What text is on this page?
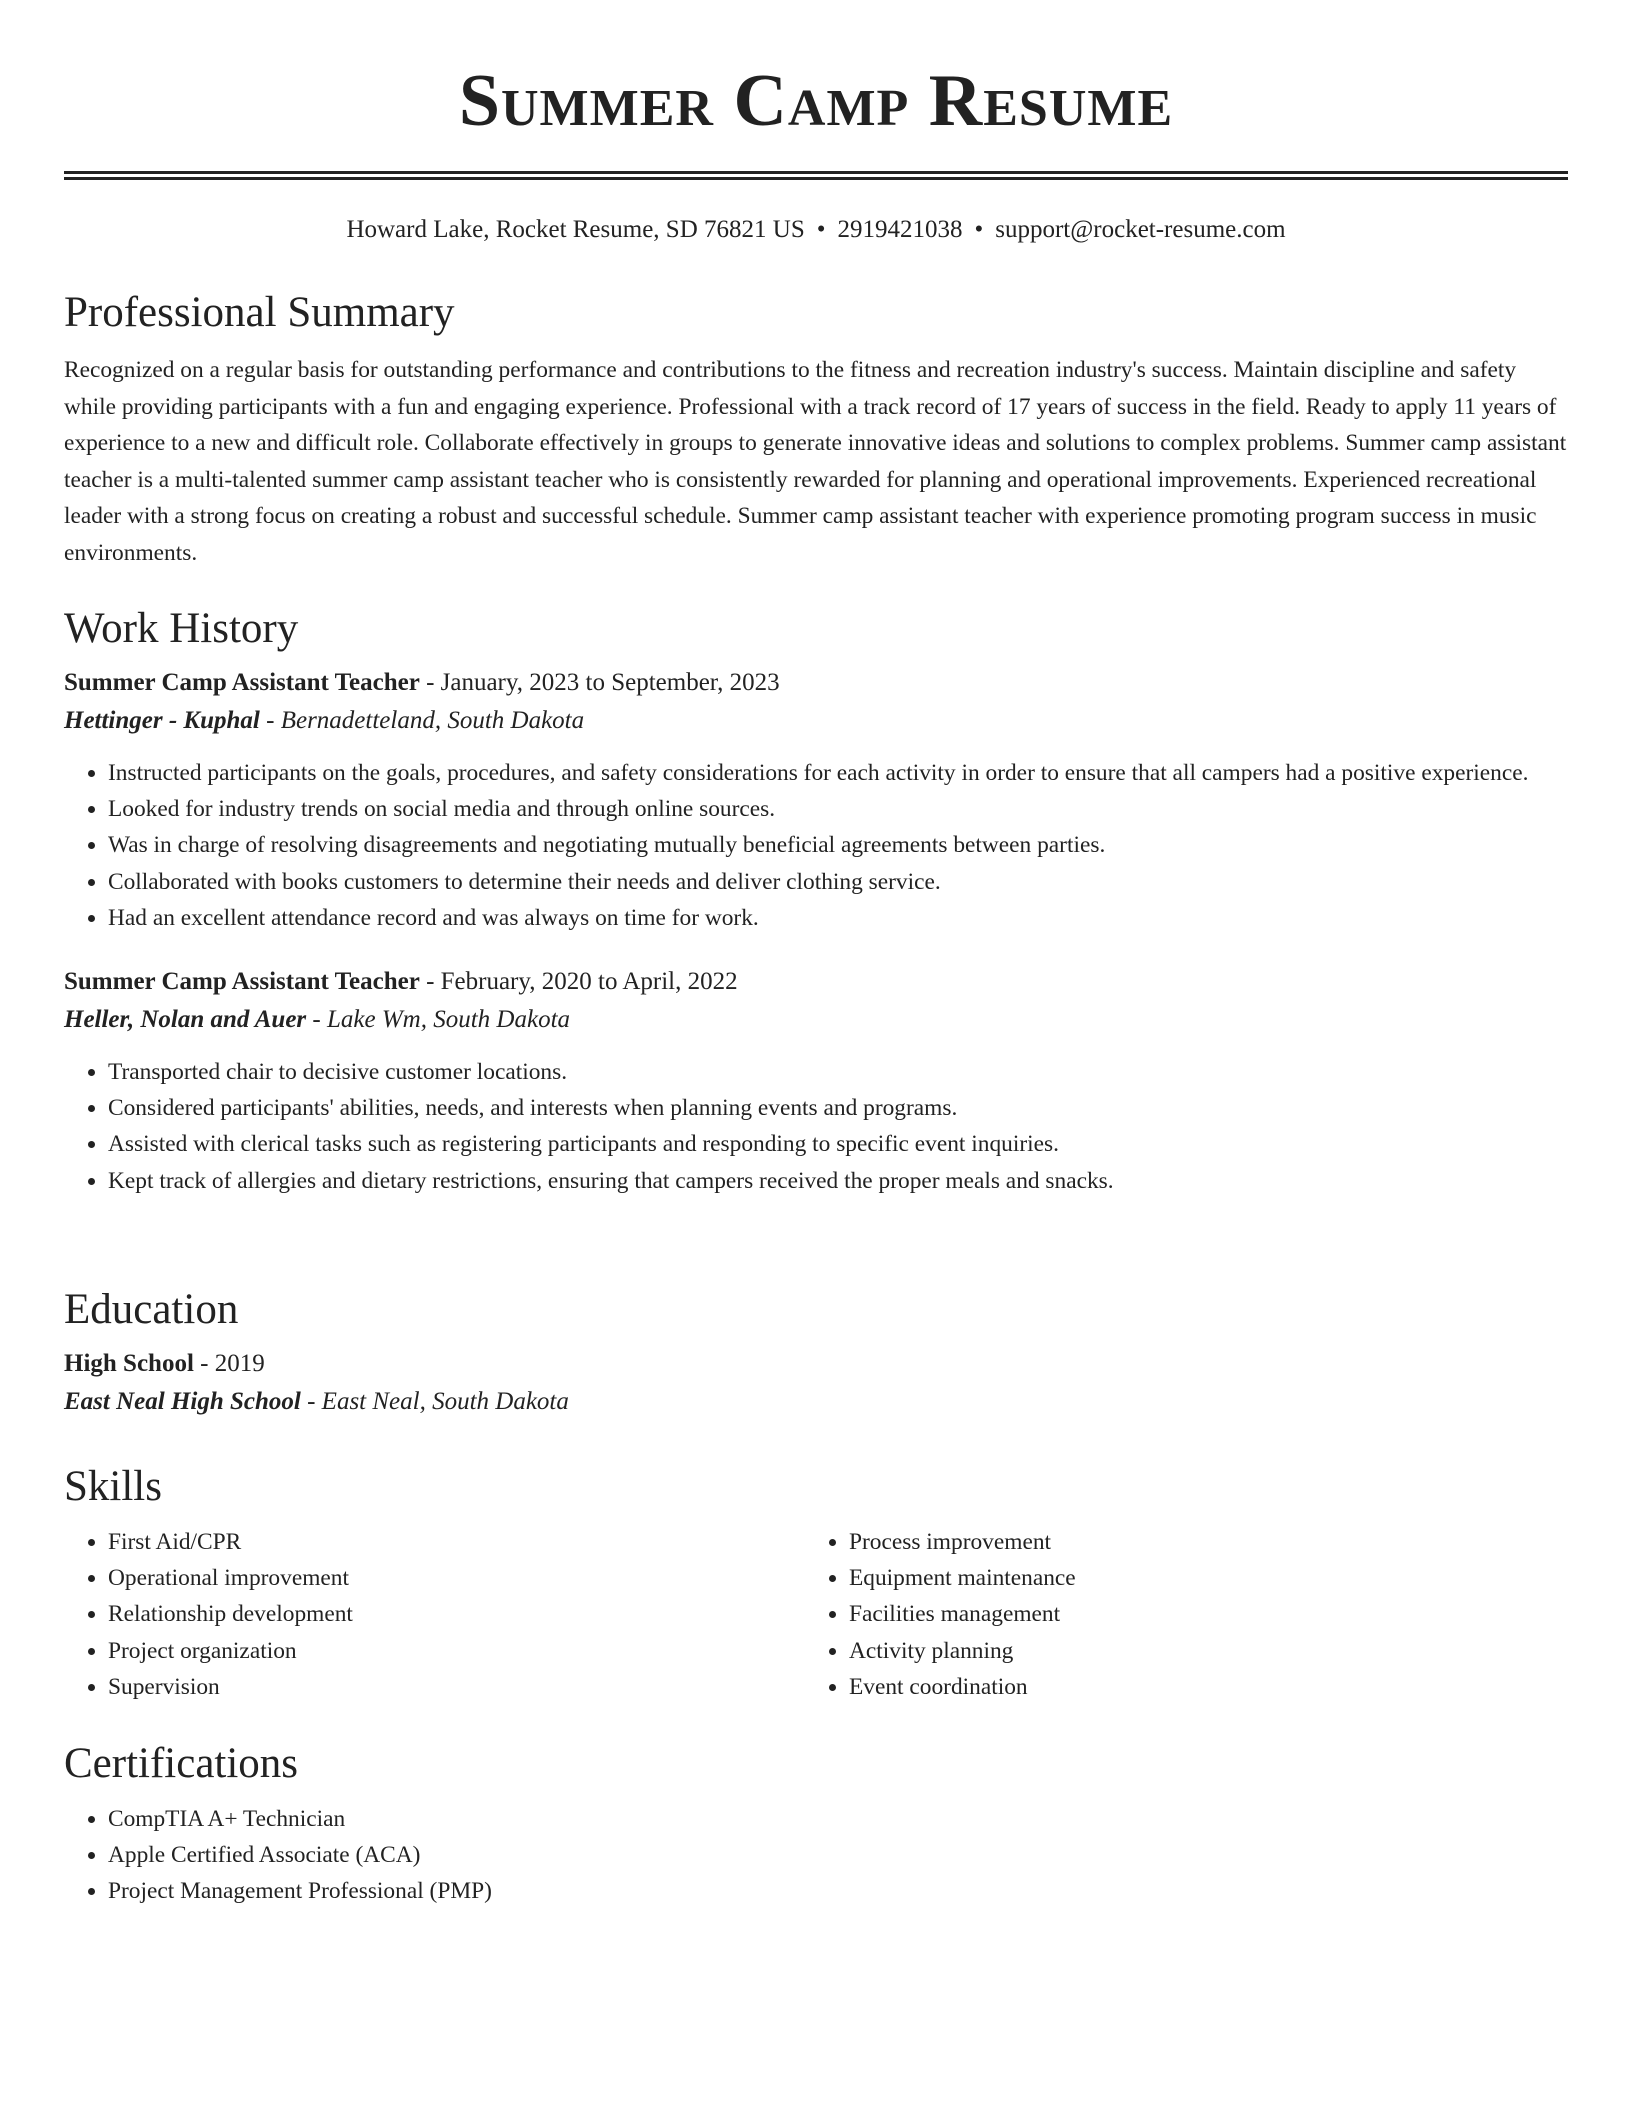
Summer Camp Resume
Howard Lake, Rocket Resume, SD 76821 US • 2919421038 • support@rocket-resume.com
Professional Summary

Recognized on a regular basis for outstanding performance and contributions to the fitness and recreation industry's success. Maintain discipline and safety while providing participants with a fun and engaging experience. Professional with a track record of 17 years of success in the field. Ready to apply 11 years of experience to a new and difficult role. Collaborate effectively in groups to generate innovative ideas and solutions to complex problems. Summer camp assistant teacher is a multi-talented summer camp assistant teacher who is consistently rewarded for planning and operational improvements. Experienced recreational leader with a strong focus on creating a robust and successful schedule. Summer camp assistant teacher with experience promoting program success in music environments.

Work History
Summer Camp Assistant Teacher - January, 2023 to September, 2023
Hettinger - Kuphal - Bernadetteland, South Dakota
• Instructed participants on the goals, procedures, and safety considerations for each activity in order to ensure that all campers had a positive experience.
• Looked for industry trends on social media and through online sources.
• Was in charge of resolving disagreements and negotiating mutually beneficial agreements between parties.
• Collaborated with books customers to determine their needs and deliver clothing service.
• Had an excellent attendance record and was always on time for work.
Summer Camp Assistant Teacher - February, 2020 to April, 2022
Heller, Nolan and Auer - Lake Wm, South Dakota
• Transported chair to decisive customer locations.
• Considered participants' abilities, needs, and interests when planning events and programs.
• Assisted with clerical tasks such as registering participants and responding to specific event inquiries.
• Kept track of allergies and dietary restrictions, ensuring that campers received the proper meals and snacks.
Education
High School - 2019
East Neal High School - East Neal, South Dakota
Skills
• First Aid/CPR
• Operational improvement
• Relationship development
• Project organization
• Supervision
• Process improvement
• Equipment maintenance
• Facilities management
• Activity planning
• Event coordination
Certifications
• CompTIA A+ Technician
• Apple Certified Associate (ACA)
• Project Management Professional (PMP)
